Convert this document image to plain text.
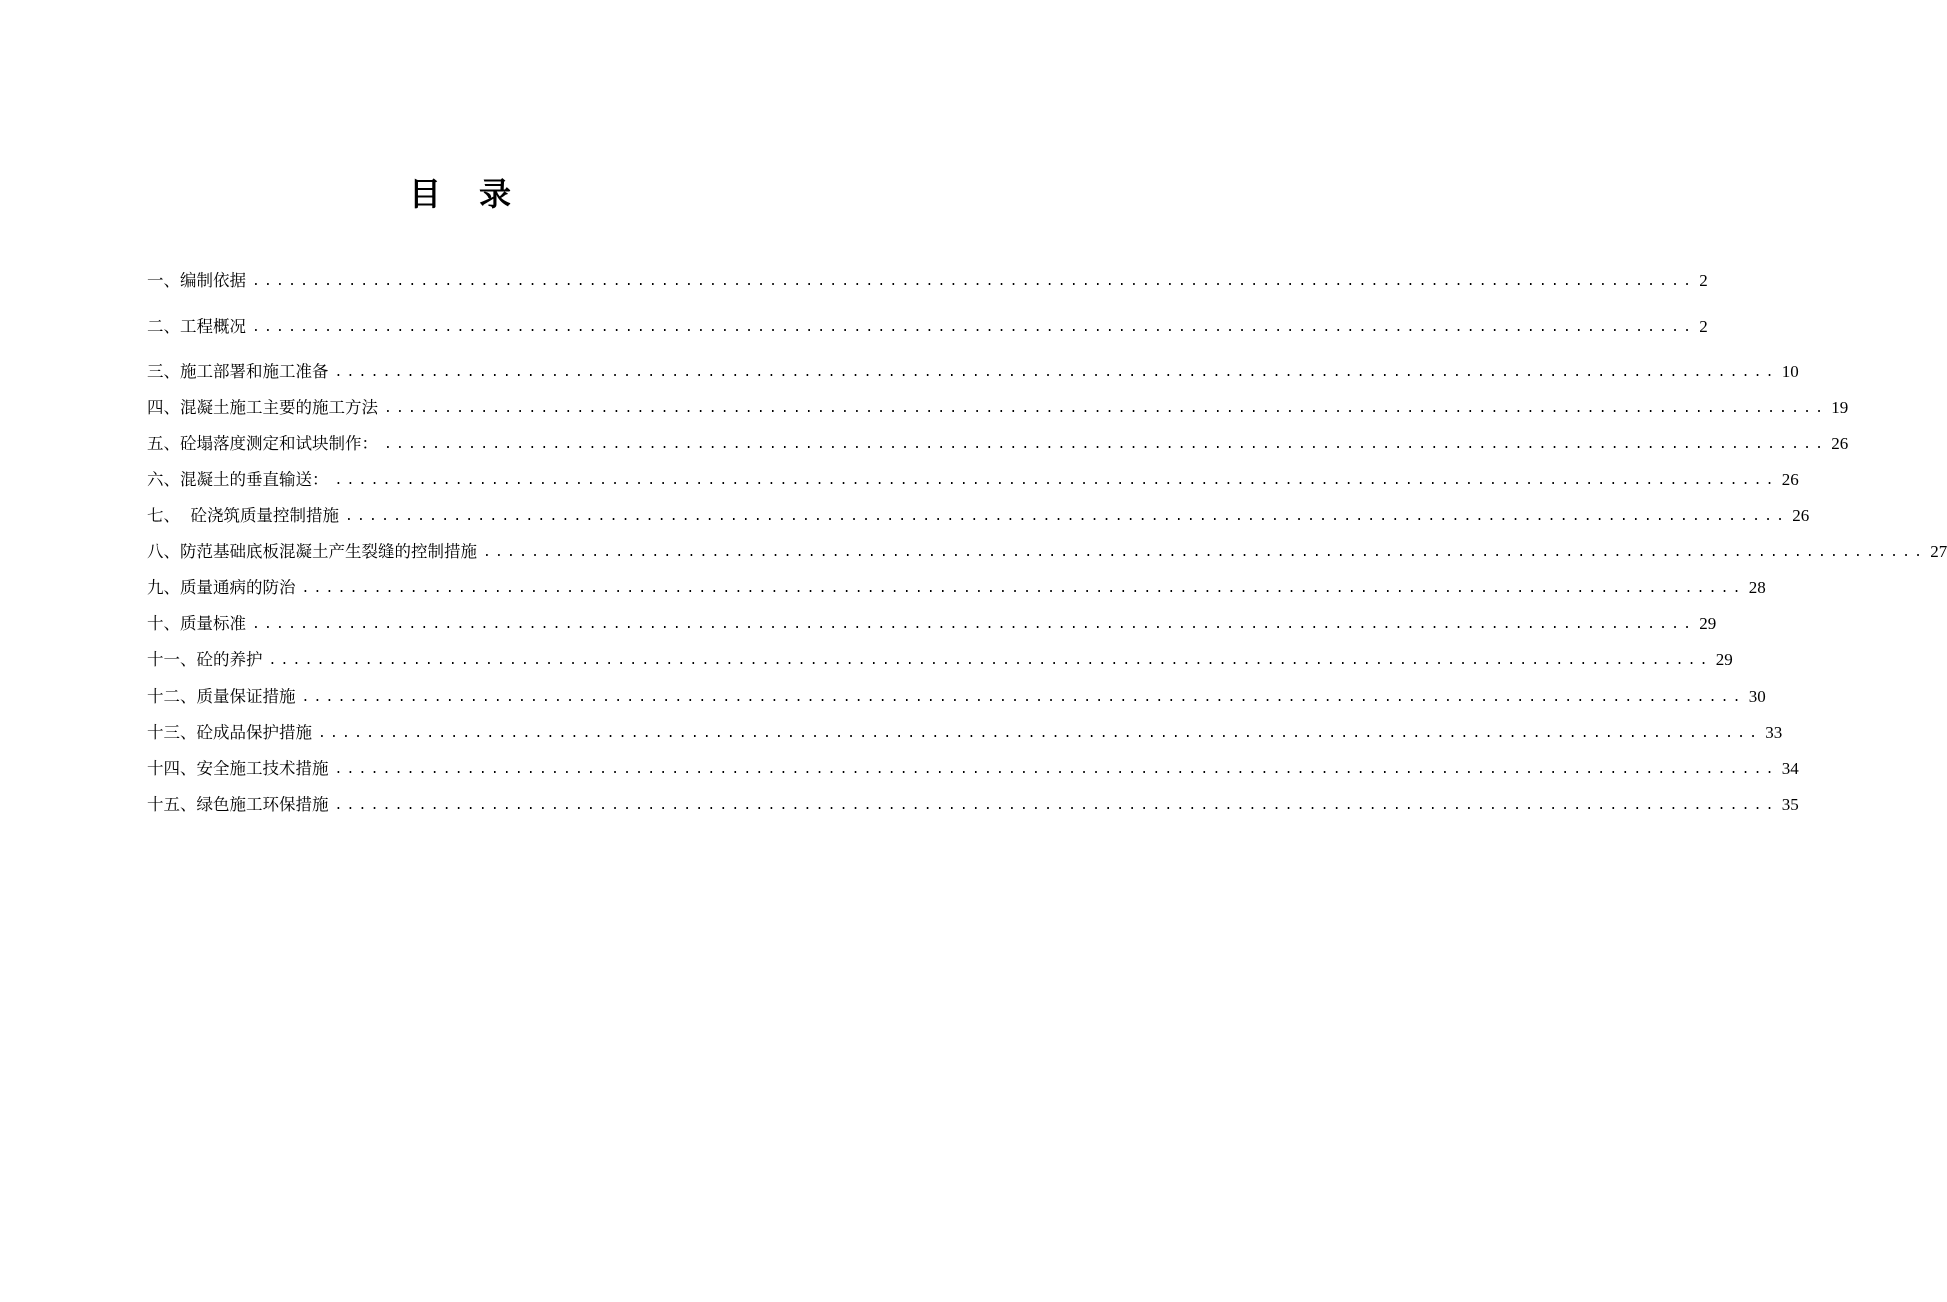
目 录
一、编制依据 ........................................................................................................................ 2
二、工程概况 ........................................................................................................................ 2
三、施工部署和施工准备 ........................................................................................................................ 10
四、混凝土施工主要的施工方法 ........................................................................................................................ 19
五、砼塌落度测定和试块制作： ........................................................................................................................ 26
六、混凝土的垂直输送： ........................................................................................................................ 26
七、  砼浇筑质量控制措施 ........................................................................................................................ 26
八、防范基础底板混凝土产生裂缝的控制措施 ........................................................................................................................ 27
九、质量通病的防治 ........................................................................................................................ 28
十、质量标准 ........................................................................................................................ 29
十一、砼的养护 ........................................................................................................................ 29
十二、质量保证措施 ........................................................................................................................ 30
十三、砼成品保护措施 ........................................................................................................................ 33
十四、安全施工技术措施 ........................................................................................................................ 34
十五、绿色施工环保措施 ........................................................................................................................ 35
